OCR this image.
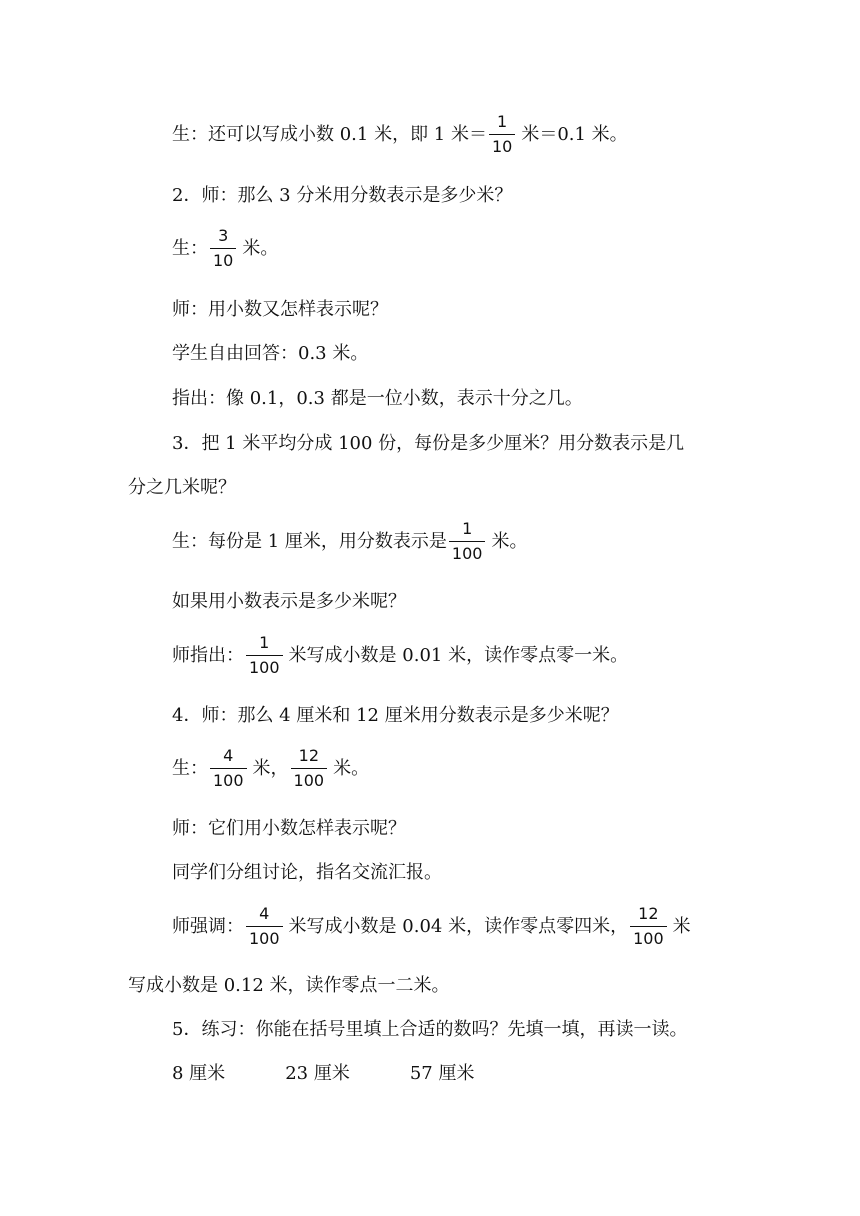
生：还可以写成小数 0.1 米，即 1 米＝ $\frac{1}{10}$ 米＝0.1 米。
2．师：那么 3 分米用分数表示是多少米？
生： $\frac{3}{10}$ 米。
师：用小数又怎样表示呢？
学生自由回答：0.3 米。
指出：像 0.1，0.3 都是一位小数，表示十分之几。
3．把 1 米平均分成 100 份，每份是多少厘米？用分数表示是几
分之几米呢？
生：每份是 1 厘米，用分数表示是 $\frac{1}{100}$ 米。
如果用小数表示是多少米呢？
师指出： $\frac{1}{100}$ 米写成小数是 0.01 米，读作零点零一米。
4．师：那么 4 厘米和 12 厘米用分数表示是多少米呢？
生： $\frac{4}{100}$ 米， $\frac{12}{100}$ 米。
师：它们用小数怎样表示呢？
同学们分组讨论，指名交流汇报。
师强调： $\frac{4}{100}$ 米写成小数是 0.04 米，读作零点零四米， $\frac{12}{100}$ 米
写成小数是 0.12 米，读作零点一二米。
5．练习：你能在括号里填上合适的数吗？先填一填，再读一读。
8 厘米	23 厘米	57 厘米
